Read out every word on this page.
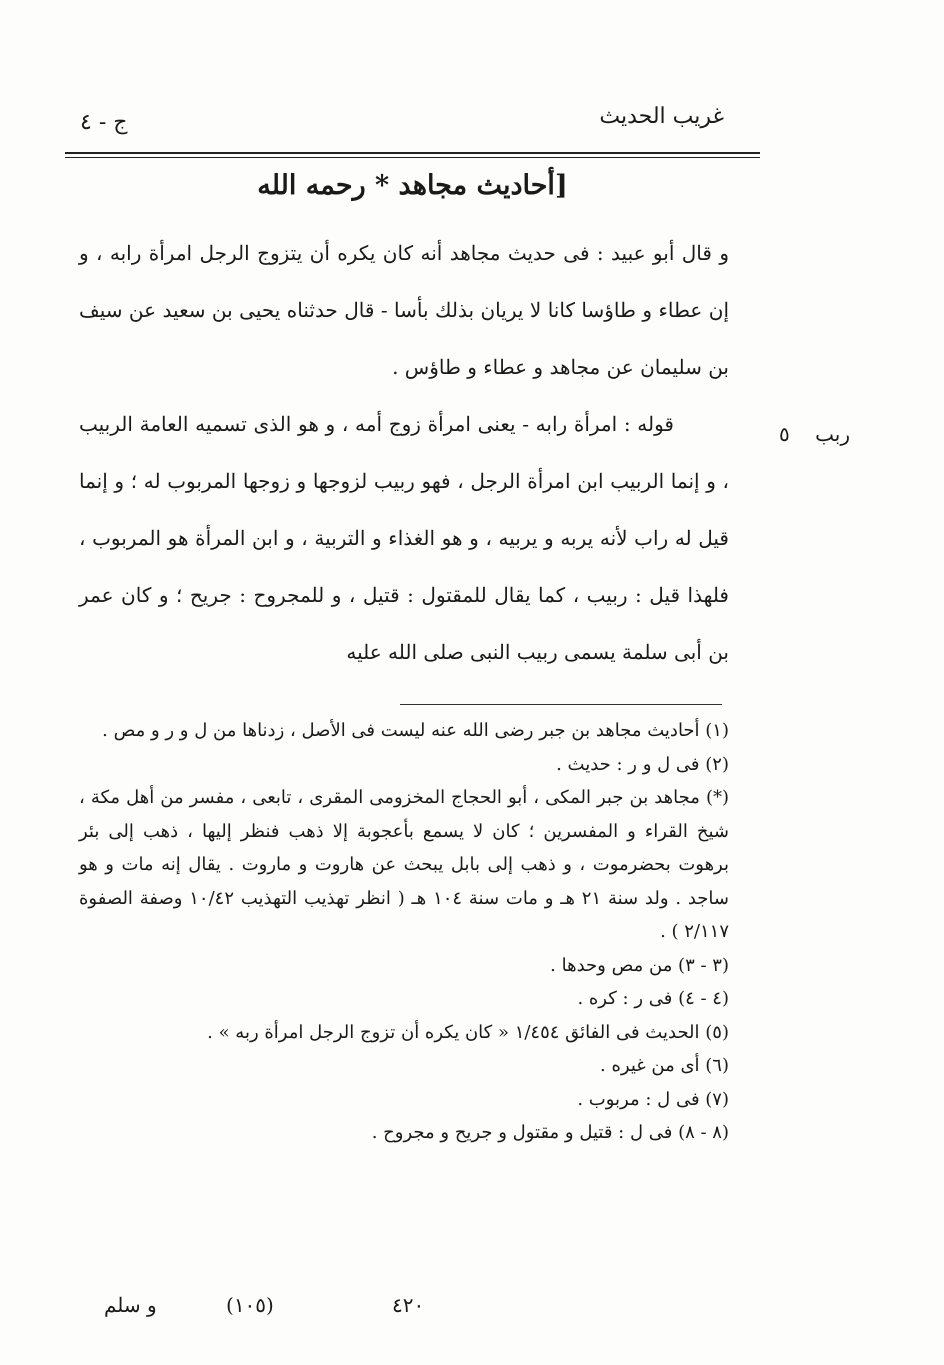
غريب الحديث
ج - ٤
[أحاديث مجاهد * رحمه الله

و قال أبو عبيد : فى حديث مجاهد أنه كان يكره أن يتزوج الرجل امرأة رابه ، و إن عطاء و طاؤسا كانا لا يريان بذلك بأسا - قال حدثناه يحيى بن سعيد عن سيف بن سليمان عن مجاهد و عطاء و طاؤس .

قوله : امرأة رابه - يعنى امرأة زوج أمه ، و هو الذى تسميه العامة الربيب ، و إنما الربيب ابن امرأة الرجل ، فهو ربيب لزوجها و زوجها المربوب له ؛ و إنما قيل له راب لأنه يربه و يربيه ، و هو الغذاء و التربية ، و ابن المرأة هو المربوب ، فلهذا قيل : ربيب ، كما يقال للمقتول : قتيل ، و للمجروح : جريح ؛ و كان عمر بن أبى سلمة يسمى ربيب النبى صلى الله عليه

ربب    ٥

(١) أحاديث مجاهد بن جبر رضى الله عنه ليست فى الأصل ، زدناها من ل و ر و مص .

(٢) فى ل و ر : حديث .

(*) مجاهد بن جبر المكى ، أبو الحجاج المخزومى المقرى ، تابعى ، مفسر من أهل مكة ، شيخ القراء و المفسرين ؛ كان لا يسمع بأعجوبة إلا ذهب فنظر إليها ، ذهب إلى بئر برهوت بحضرموت ، و ذهب إلى بابل يبحث عن هاروت و ماروت . يقال إنه مات و هو ساجد . ولد سنة ٢١ هـ و مات سنة ١٠٤ هـ ( انظر تهذيب التهذيب ١٠/٤٢ وصفة الصفوة ٢/١١٧ ) .

(٣ - ٣) من مص وحدها .

(٤ - ٤) فى ر : كره .

(٥) الحديث فى الفائق ١/٤٥٤ « كان يكره أن تزوج الرجل امرأة ربه » .

(٦) أى من غيره .

(٧) فى ل : مربوب .

(٨ - ٨) فى ل : قتيل و مقتول و جريح و مجروح .

٤٢٠
(١٠٥)
و سلم
